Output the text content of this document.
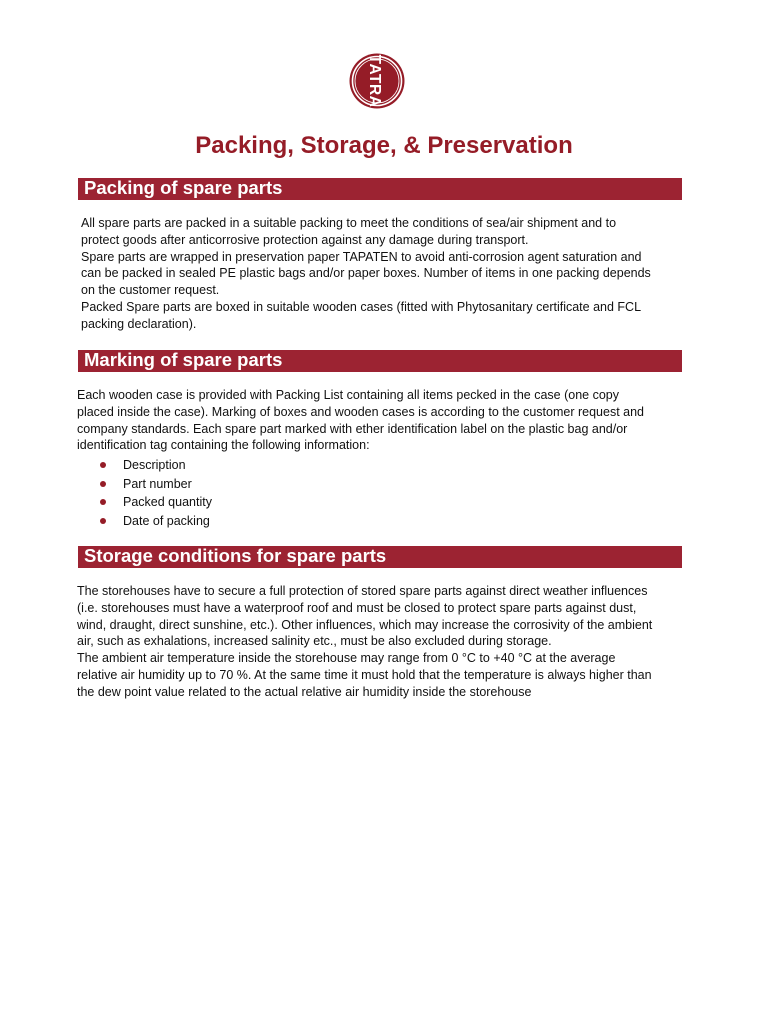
TATRA
Packing, Storage, & Preservation
Packing of spare parts
All spare parts are packed in a suitable packing to meet the conditions of sea/air shipment and to
protect goods after anticorrosive protection against any damage during transport.
Spare parts are wrapped in preservation paper TAPATEN to avoid anti-corrosion agent saturation and
can be packed in sealed PE plastic bags and/or paper boxes. Number of items in one packing depends
on the customer request.
Packed Spare parts are boxed in suitable wooden cases (fitted with Phytosanitary certificate and FCL
packing declaration).
Marking of spare parts
Each wooden case is provided with Packing List containing all items pecked in the case (one copy
placed inside the case). Marking of boxes and wooden cases is according to the customer request and
company standards. Each spare part marked with ether identification label on the plastic bag and/or
identification tag containing the following information:
Description
Part number
Packed quantity
Date of packing
Storage conditions for spare parts
The storehouses have to secure a full protection of stored spare parts against direct weather influences
(i.e. storehouses must have a waterproof roof and must be closed to protect spare parts against dust,
wind, draught, direct sunshine, etc.). Other influences, which may increase the corrosivity of the ambient
air, such as exhalations, increased salinity etc., must be also excluded during storage.
The ambient air temperature inside the storehouse may range from 0 °C to +40 °C at the average
relative air humidity up to 70 %. At the same time it must hold that the temperature is always higher than
the dew point value related to the actual relative air humidity inside the storehouse
